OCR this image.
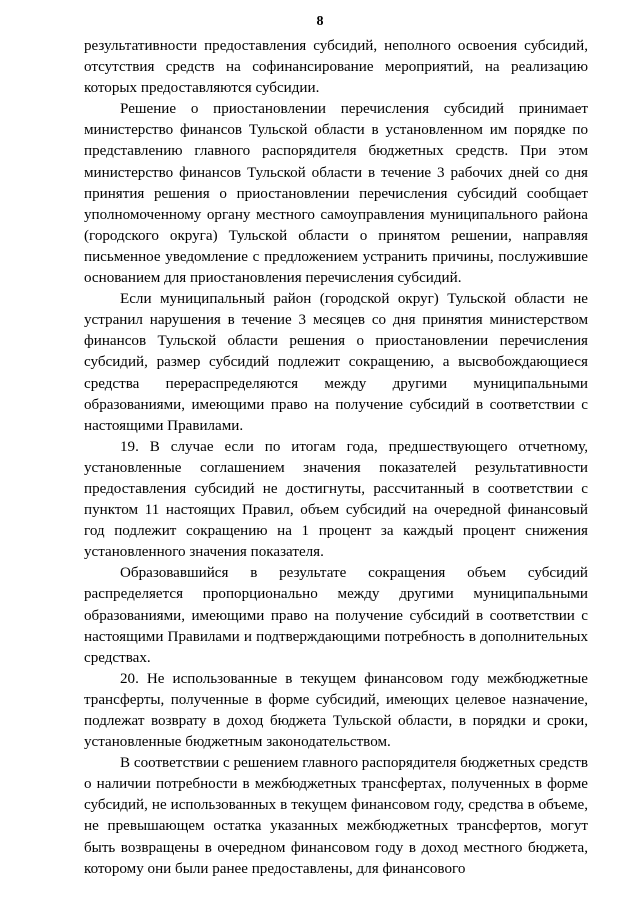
8

результативности предоставления субсидий, неполного освоения субсидий, отсутствия средств на софинансирование мероприятий, на реализацию которых предоставляются субсидии.

Решение о приостановлении перечисления субсидий принимает министерство финансов Тульской области в установленном им порядке по представлению главного распорядителя бюджетных средств. При этом министерство финансов Тульской области в течение 3 рабочих дней со дня принятия решения о приостановлении перечисления субсидий сообщает уполномоченному органу местного самоуправления муниципального района (городского округа) Тульской области о принятом решении, направляя письменное уведомление с предложением устранить причины, послужившие основанием для приостановления перечисления субсидий.

Если муниципальный район (городской округ) Тульской области не устранил нарушения в течение 3 месяцев со дня принятия министерством финансов Тульской области решения о приостановлении перечисления субсидий, размер субсидий подлежит сокращению, а высвобождающиеся средства перераспределяются между другими муниципальными образованиями, имеющими право на получение субсидий в соответствии с настоящими Правилами.

19. В случае если по итогам года, предшествующего отчетному, установленные соглашением значения показателей результативности предоставления субсидий не достигнуты, рассчитанный в соответствии с пунктом 11 настоящих Правил, объем субсидий на очередной финансовый год подлежит сокращению на 1 процент за каждый процент снижения установленного значения показателя.

Образовавшийся в результате сокращения объем субсидий распределяется пропорционально между другими муниципальными образованиями, имеющими право на получение субсидий в соответствии с настоящими Правилами и подтверждающими потребность в дополнительных средствах.

20. Не использованные в текущем финансовом году межбюджетные трансферты, полученные в форме субсидий, имеющих целевое назначение, подлежат возврату в доход бюджета Тульской области, в порядки и сроки, установленные бюджетным законодательством.

В соответствии с решением главного распорядителя бюджетных средств о наличии потребности в межбюджетных трансфертах, полученных в форме субсидий, не использованных в текущем финансовом году, средства в объеме, не превышающем остатка указанных межбюджетных трансфертов, могут быть возвращены в очередном финансовом году в доход местного бюджета, которому они были ранее предоставлены, для финансового
